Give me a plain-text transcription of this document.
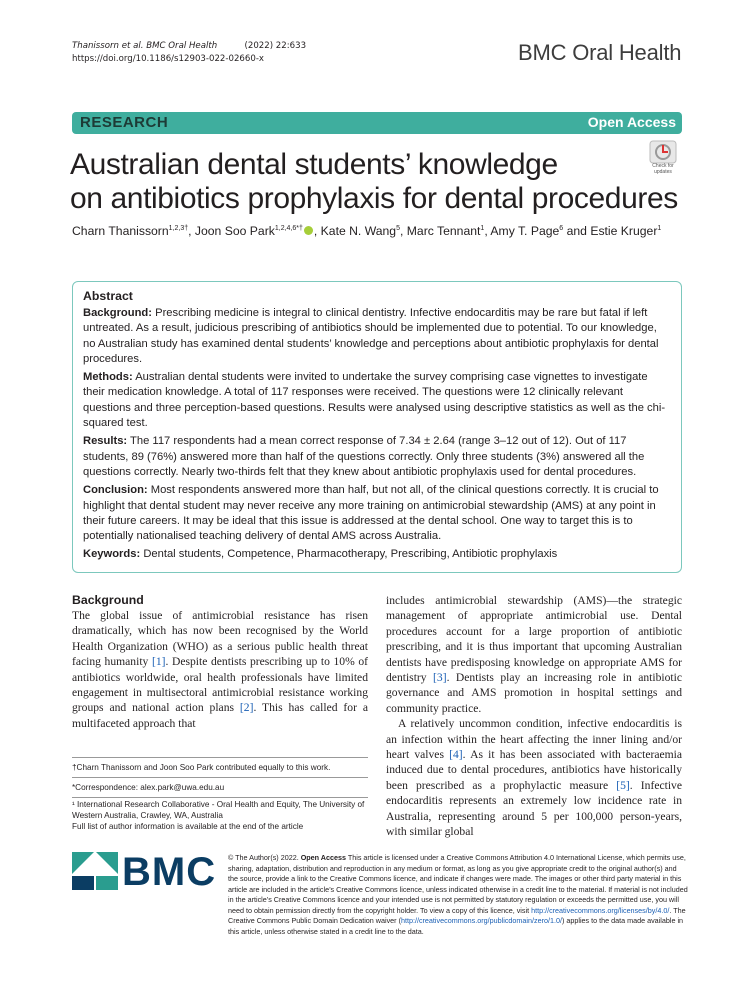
Thanissorn et al. BMC Oral Health	(2022) 22:633
https://doi.org/10.1186/s12903-022-02660-x	BMC Oral Health
RESEARCH	Open Access
Check for
updates
Australian dental students’ knowledge
on antibiotics prophylaxis for dental procedures
Charn Thanissorn$^{1,2,3\dagger}$, Joon Soo Park$^{1,2,4,6*\dagger}$ , Kate N. Wang$^5$, Marc Tennant$^1$, Amy T. Page$^6$ and Estie Kruger$^1$
Abstract

Background: Prescribing medicine is integral to clinical dentistry. Infective endocarditis may be rare but fatal if left untreated. As a result, judicious prescribing of antibiotics should be implemented due to potential. To our knowledge, no Australian study has examined dental students’ knowledge and perceptions about antibiotic prophylaxis for dental procedures.

Methods: Australian dental students were invited to undertake the survey comprising case vignettes to investigate their medication knowledge. A total of 117 responses were received. The questions were 12 clinically relevant questions and three perception-based questions. Results were analysed using descriptive statistics as well as the chi-squared test.

Results: The 117 respondents had a mean correct response of 7.34 ± 2.64 (range 3–12 out of 12). Out of 117 students, 89 (76%) answered more than half of the questions correctly. Only three students (3%) answered all the questions correctly. Nearly two-thirds felt that they knew about antibiotic prophylaxis used for dental procedures.

Conclusion: Most respondents answered more than half, but not all, of the clinical questions correctly. It is crucial to highlight that dental student may never receive any more training on antimicrobial stewardship (AMS) at any point in their future careers. It may be ideal that this issue is addressed at the dental school. One way to target this is to potentially nationalised teaching delivery of dental AMS across Australia.

Keywords: Dental students, Competence, Pharmacotherapy, Prescribing, Antibiotic prophylaxis

Background

The global issue of antimicrobial resistance has risen dramatically, which has now been recognised by the World Health Organization (WHO) as a serious public health threat facing humanity [1]. Despite dentists prescribing up to 10% of antibiotics worldwide, oral health professionals have limited engagement in multisectoral antimicrobial resistance working groups and national action plans [2]. This has called for a multifaceted approach that

includes antimicrobial stewardship (AMS)—the strategic management of appropriate antimicrobial use. Dental procedures account for a large proportion of antibiotic prescribing, and it is thus important that upcoming Australian dentists have predisposing knowledge on appropriate AMS for dentistry [3]. Dentists play an increasing role in antibiotic governance and AMS promotion in hospital settings and community practice.

A relatively uncommon condition, infective endocarditis is an infection within the heart affecting the inner lining and/or heart valves [4]. As it has been associated with bacteraemia induced due to dental procedures, antibiotics have historically been prescribed as a prophylactic measure [5]. Infective endocarditis represents an extremely low incidence rate in Australia, representing around 5 per 100,000 person-years, with similar global

†Charn Thanissorn and Joon Soo Park contributed equally to this work.
*Correspondence: alex.park@uwa.edu.au
¹ International Research Collaborative - Oral Health and Equity, The University of Western Australia, Crawley, WA, Australia
Full list of author information is available at the end of the article
BMC © The Author(s) 2022. Open Access This article is licensed under a Creative Commons Attribution 4.0 International License, which permits use, sharing, adaptation, distribution and reproduction in any medium or format, as long as you give appropriate credit to the original author(s) and the source, provide a link to the Creative Commons licence, and indicate if changes were made. The images or other third party material in this article are included in the article’s Creative Commons licence, unless indicated otherwise in a credit line to the material. If material is not included in the article’s Creative Commons licence and your intended use is not permitted by statutory regulation or exceeds the permitted use, you will need to obtain permission directly from the copyright holder. To view a copy of this licence, visit http://creativecommons.org/licenses/by/4.0/. The Creative Commons Public Domain Dedication waiver (http://creativecommons.org/publicdomain/zero/1.0/) applies to the data made available in this article, unless otherwise stated in a credit line to the data.
